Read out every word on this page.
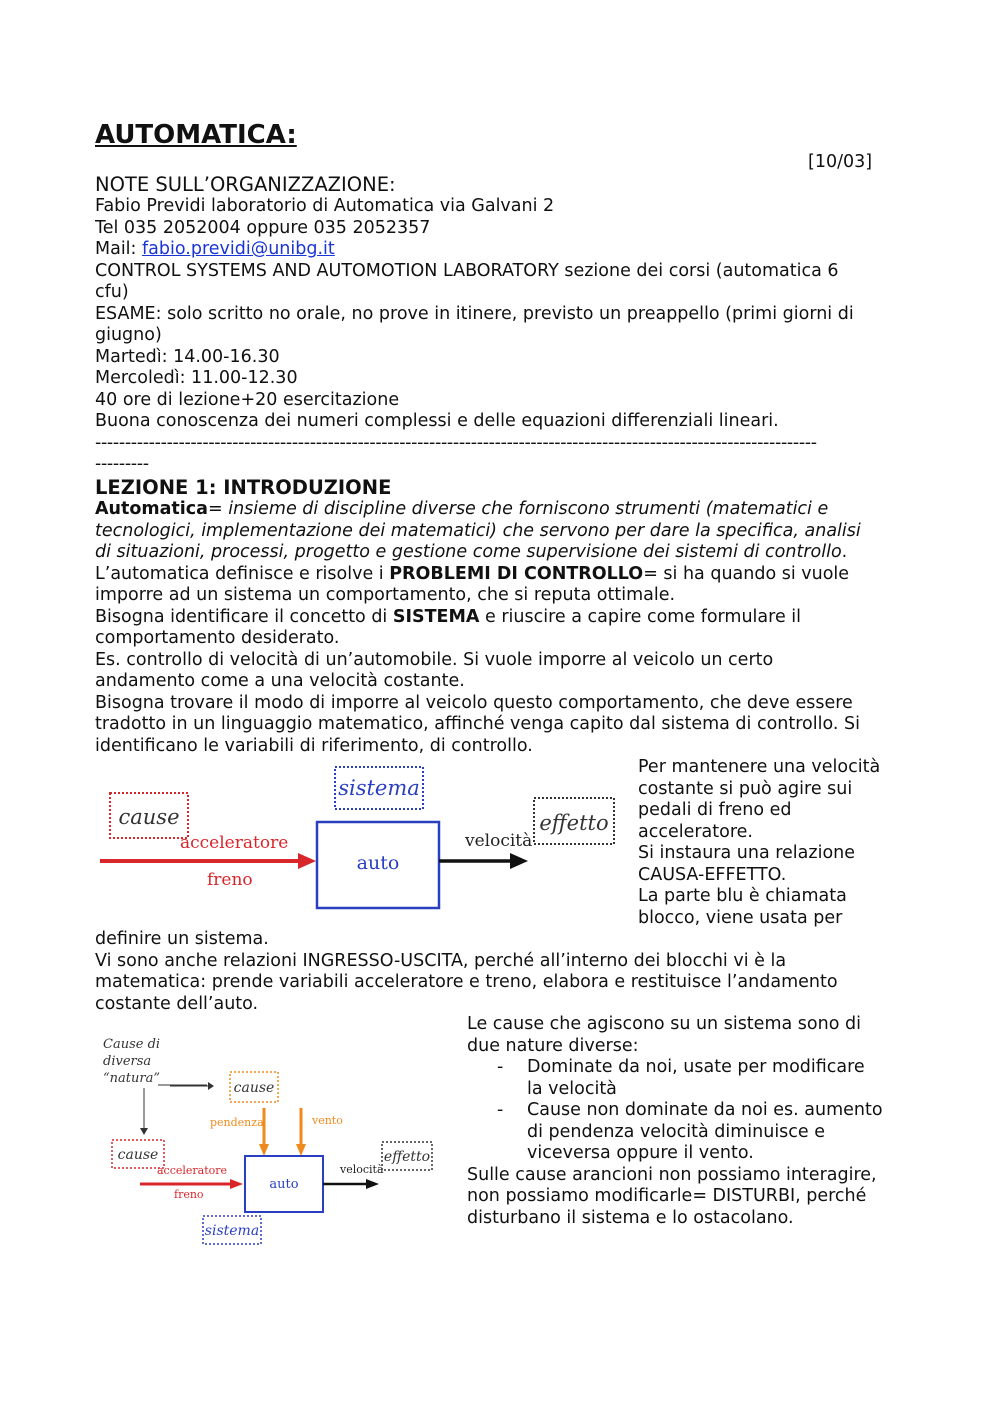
AUTOMATICA:
[10/03]
NOTE SULL’ORGANIZZAZIONE:
Fabio Previdi laboratorio di Automatica via Galvani 2
Tel 035 2052004 oppure 035 2052357
Mail: fabio.previdi@unibg.it
CONTROL SYSTEMS AND AUTOMOTION LABORATORY sezione dei corsi (automatica 6
cfu)
ESAME: solo scritto no orale, no prove in itinere, previsto un preappello (primi giorni di
giugno)
Martedì: 14.00-16.30
Mercoledì: 11.00-12.30
40 ore di lezione+20 esercitazione
Buona conoscenza dei numeri complessi e delle equazioni differenziali lineari.
-------------------------------------------------------------------------------------------------------------------------
---------
LEZIONE 1: INTRODUZIONE
Automatica= insieme di discipline diverse che forniscono strumenti (matematici e
tecnologici, implementazione dei matematici) che servono per dare la specifica, analisi
di situazioni, processi, progetto e gestione come supervisione dei sistemi di controllo.
L’automatica definisce e risolve i PROBLEMI DI CONTROLLO= si ha quando si vuole
imporre ad un sistema un comportamento, che si reputa ottimale.
Bisogna identificare il concetto di SISTEMA e riuscire a capire come formulare il
comportamento desiderato.
Es. controllo di velocità di un’automobile. Si vuole imporre al veicolo un certo
andamento come a una velocità costante.
Bisogna trovare il modo di imporre al veicolo questo comportamento, che deve essere
tradotto in un linguaggio matematico, affinché venga capito dal sistema di controllo. Si
identificano le variabili di riferimento, di controllo.
sistema
cause
acceleratore
freno
auto
velocità
effetto
Per mantenere una velocità
costante si può agire sui
pedali di freno ed
acceleratore.
Si instaura una relazione
CAUSA-EFFETTO.
La parte blu è chiamata
blocco, viene usata per
definire un sistema.
Vi sono anche relazioni INGRESSO-USCITA, perché all’interno dei blocchi vi è la
matematica: prende variabili acceleratore e treno, elabora e restituisce l’andamento
costante dell’auto.
Cause di
diversa
“natura”
cause
pendenza	vento
cause
acceleratore
freno
auto
velocità
effetto
sistema
Le cause che agiscono su un sistema sono di
due nature diverse:
-	Dominate da noi, usate per modificare
la velocità
-	Cause non dominate da noi es. aumento
di pendenza velocità diminuisce e
viceversa oppure il vento.
Sulle cause arancioni non possiamo interagire,
non possiamo modificarle= DISTURBI, perché
disturbano il sistema e lo ostacolano.
